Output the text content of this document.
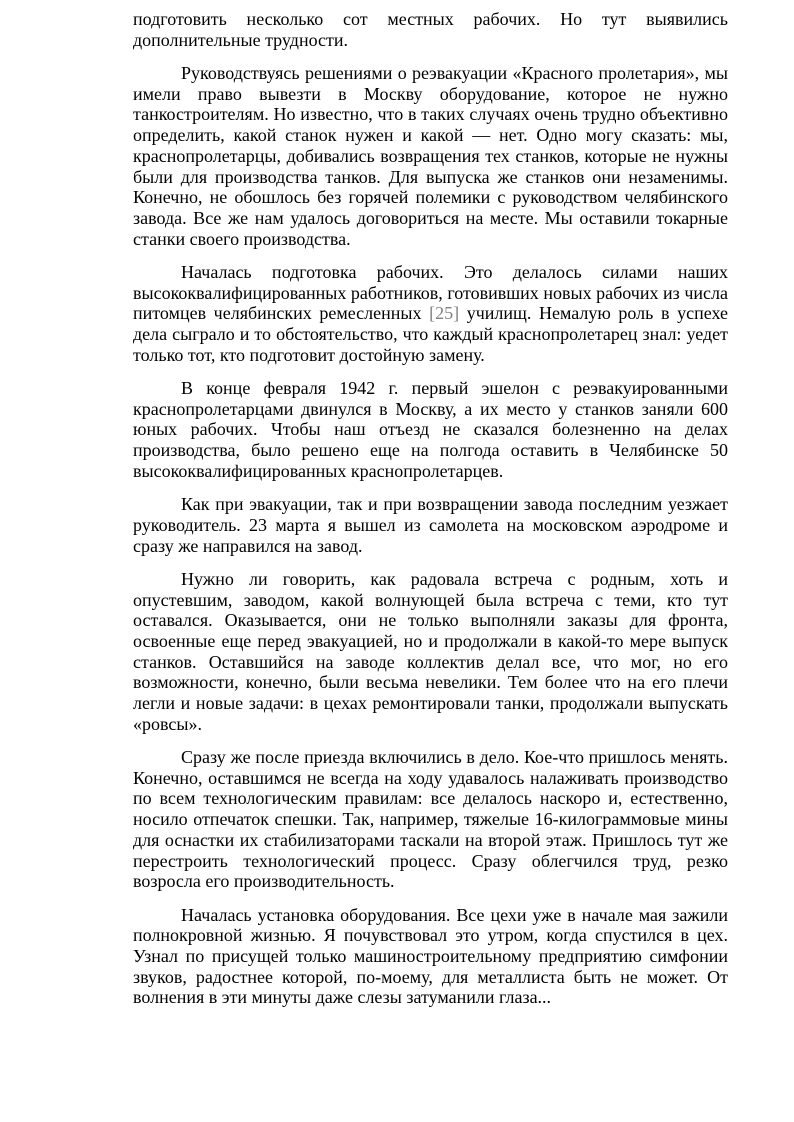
подготовить несколько сот местных рабочих. Но тут выявились дополнительные трудности.

Руководствуясь решениями о реэвакуации «Красного пролетария», мы имели право вывезти в Москву оборудование, которое не нужно танкостроителям. Но известно, что в таких случаях очень трудно объективно определить, какой станок нужен и какой — нет. Одно могу сказать: мы, краснопролетарцы, добивались возвращения тех станков, которые не нужны были для производства танков. Для выпуска же станков они незаменимы. Конечно, не обошлось без горячей полемики с руководством челябинского завода. Все же нам удалось договориться на месте. Мы оставили токарные станки своего производства.

Началась подготовка рабочих. Это делалось силами наших высококвалифицированных работников, готовивших новых рабочих из числа питомцев челябинских ремесленных [25] училищ. Немалую роль в успехе дела сыграло и то обстоятельство, что каждый краснопролетарец знал: уедет только тот, кто подготовит достойную замену.

В конце февраля 1942 г. первый эшелон с реэвакуированными краснопролетарцами двинулся в Москву, а их место у станков заняли 600 юных рабочих. Чтобы наш отъезд не сказался болезненно на делах производства, было решено еще на полгода оставить в Челябинске 50 высококвалифицированных краснопролетарцев.

Как при эвакуации, так и при возвращении завода последним уезжает руководитель. 23 марта я вышел из самолета на московском аэродроме и сразу же направился на завод.

Нужно ли говорить, как радовала встреча с родным, хоть и опустевшим, заводом, какой волнующей была встреча с теми, кто тут оставался. Оказывается, они не только выполняли заказы для фронта, освоенные еще перед эвакуацией, но и продолжали в какой-то мере выпуск станков. Оставшийся на заводе коллектив делал все, что мог, но его возможности, конечно, были весьма невелики. Тем более что на его плечи легли и новые задачи: в цехах ремонтировали танки, продолжали выпускать «ровсы».

Сразу же после приезда включились в дело. Кое-что пришлось менять. Конечно, оставшимся не всегда на ходу удавалось налаживать производство по всем технологическим правилам: все делалось наскоро и, естественно, носило отпечаток спешки. Так, например, тяжелые 16-килограммовые мины для оснастки их стабилизаторами таскали на второй этаж. Пришлось тут же перестроить технологический процесс. Сразу облегчился труд, резко возросла его производительность.

Началась установка оборудования. Все цехи уже в начале мая зажили полнокровной жизнью. Я почувствовал это утром, когда спустился в цех. Узнал по присущей только машиностроительному предприятию симфонии звуков, радостнее которой, по-моему, для металлиста быть не может. От волнения в эти минуты даже слезы затуманили глаза...
